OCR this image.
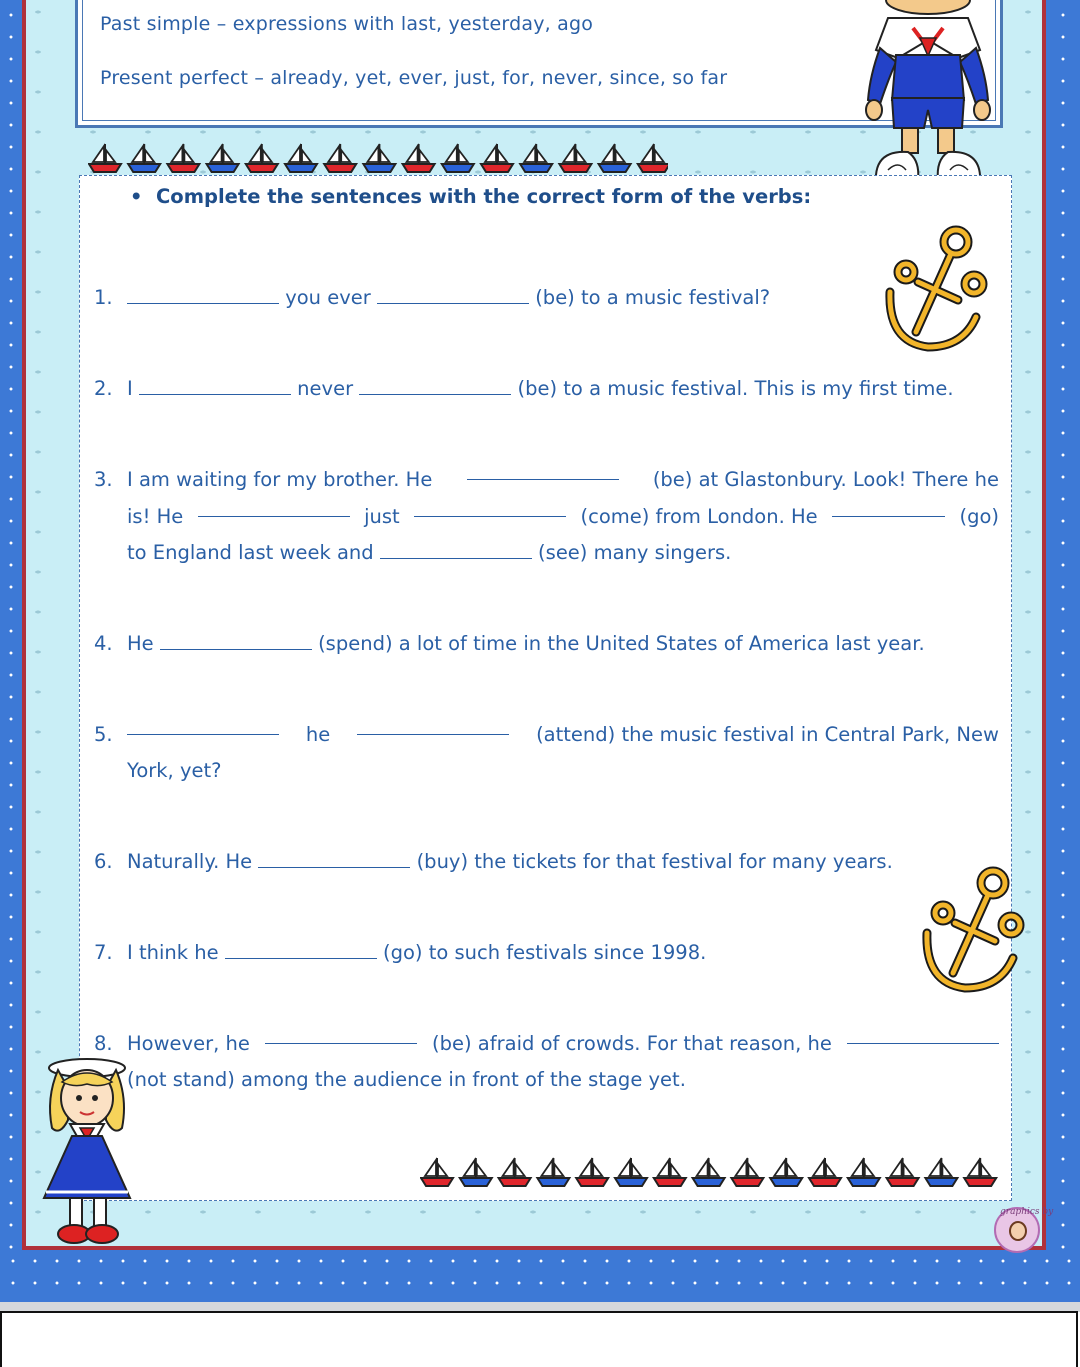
Past simple – expressions with last, yesterday, ago
Present perfect – already, yet, ever, just, for, never, since, so far
• Complete the sentences with the correct form of the verbs:
1.	you ever	(be) to a music festival?
2. I	never	(be) to a music festival. This is my first time.
3. I am waiting for my brother. He	(be) at Glastonbury. Look! There he
is! He	just	(come) from London. He	(go)
to England last week and	(see) many singers.
4. He	(spend) a lot of time in the United States of America last year.
5.	he	(attend) the music festival in Central Park, New
York, yet?
6. Naturally. He	(buy) the tickets for that festival for many years.
7. I think he	(go) to such festivals since 1998.
8. However, he	(be) afraid of crowds. For that reason, he
(not stand) among the audience in front of the stage yet.
graphics by
